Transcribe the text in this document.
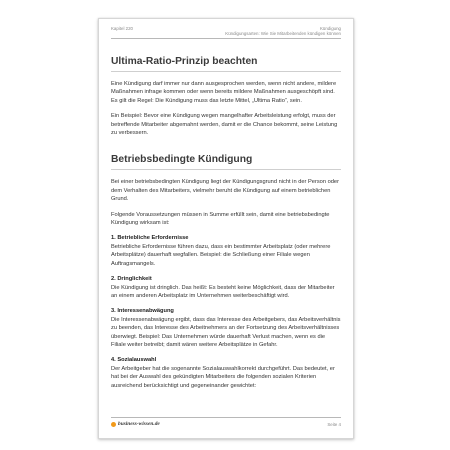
Kapitel 220	Kündigung
Kündigungsarten: Wie Sie Mitarbeitenden kündigen können
Ultima-Ratio-Prinzip beachten

Eine Kündigung darf immer nur dann ausgesprochen werden, wenn nicht andere, mildere Maßnahmen infrage kommen oder wenn bereits mildere Maßnahmen ausgeschöpft sind. Es gilt die Regel: Die Kündigung muss das letzte Mittel, „Ultima Ratio“, sein.

Ein Beispiel: Bevor eine Kündigung wegen mangelhafter Arbeitsleistung erfolgt, muss der betreffende Mitarbeiter abgemahnt werden, damit er die Chance bekommt, seine Leistung zu verbessern.

Betriebsbedingte Kündigung

Bei einer betriebsbedingten Kündigung liegt der Kündigungsgrund nicht in der Person oder dem Verhalten des Mitarbeiters, vielmehr beruht die Kündigung auf einem betrieblichen Grund.

Folgende Voraussetzungen müssen in Summe erfüllt sein, damit eine betriebsbedingte Kündigung wirksam ist:

1. Betriebliche Erfordernisse

Betriebliche Erfordernisse führen dazu, dass ein bestimmter Arbeitsplatz (oder mehrere Arbeitsplätze) dauerhaft wegfallen. Beispiel: die Schließung einer Filiale wegen Auftragsmangels.

2. Dringlichkeit

Die Kündigung ist dringlich. Das heißt: Es besteht keine Möglichkeit, dass der Mitarbeiter an einem anderen Arbeitsplatz im Unternehmen weiterbeschäftigt wird.

3. Interessenabwägung

Die Interessenabwägung ergibt, dass das Interesse des Arbeitgebers, das Arbeitsverhältnis zu beenden, das Interesse des Arbeitnehmers an der Fortsetzung des Arbeitsverhältnisses überwiegt. Beispiel: Das Unternehmen würde dauerhaft Verlust machen, wenn es die Filiale weiter betreibt; damit wären weitere Arbeitsplätze in Gefahr.

4. Sozialauswahl

Der Arbeitgeber hat die sogenannte Sozialauswahlkorrekt durchgeführt. Das bedeutet, er hat bei der Auswahl des gekündigten Mitarbeiters die folgenden sozialen Kriterien ausreichend berücksichtigt und gegeneinander gewichtet:

business-wissen.de	Seite 4
